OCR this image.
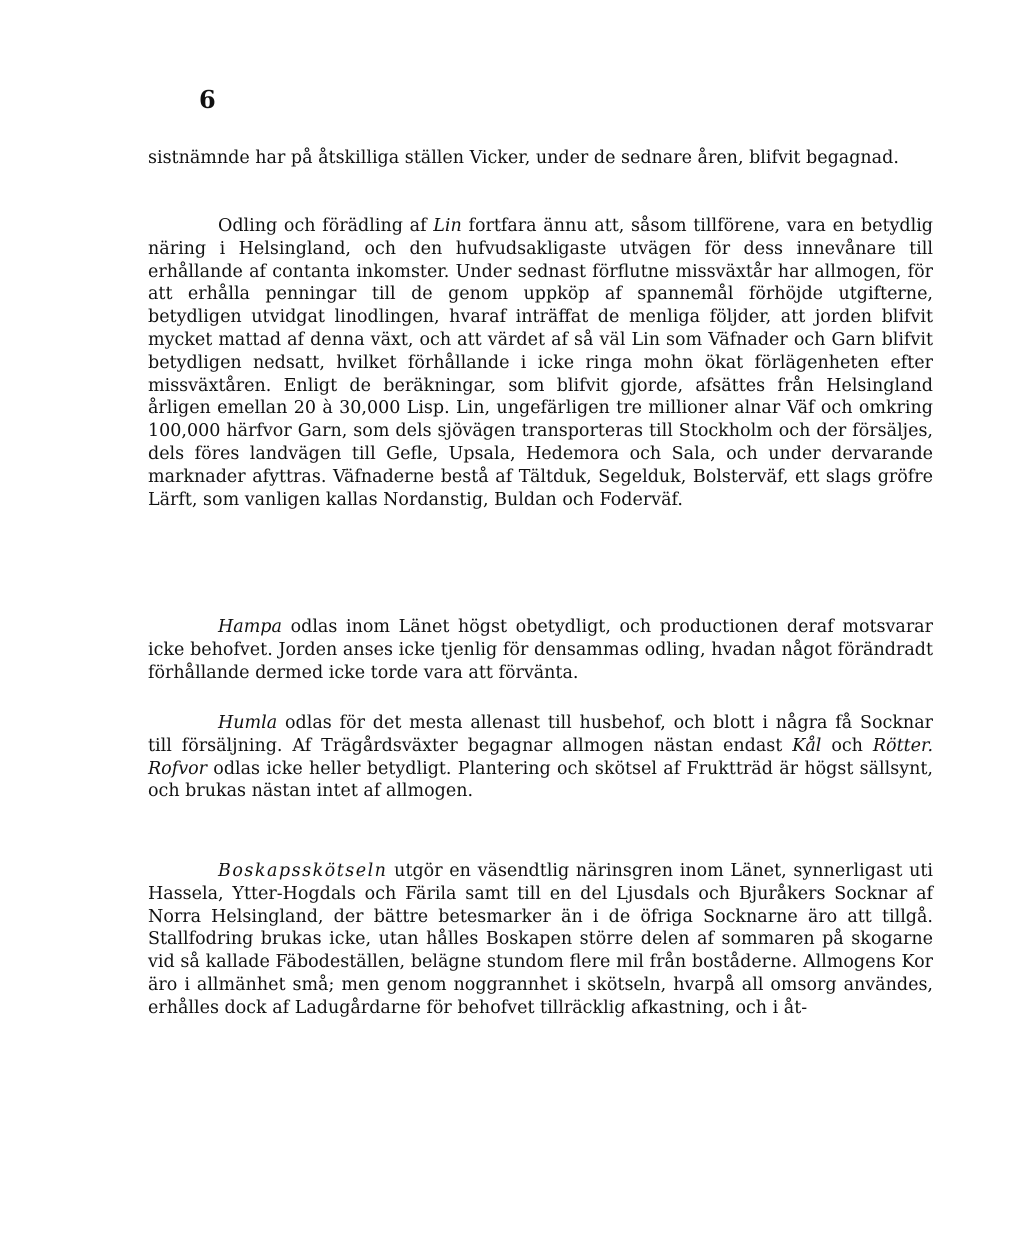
6

sistnämnde har på åtskilliga ställen Vicker, under de sednare åren, blifvit begagnad.

Odling och förädling af Lin fortfara ännu att, såsom tillförene, vara en betydlig näring i Helsingland, och den hufvudsakligaste utvägen för dess innevånare till erhållande af contanta inkomster. Under sednast förflutne missväxtår har allmogen, för att erhålla penningar till de genom uppköp af spannemål förhöjde utgifterne, betydligen utvidgat linodlingen, hvaraf inträffat de menliga följder, att jorden blifvit mycket mattad af denna växt, och att värdet af så väl Lin som Väfnader och Garn blifvit betydligen nedsatt, hvilket förhållande i icke ringa mohn ökat förlägenheten efter missväxtåren. Enligt de beräkningar, som blifvit gjorde, afsättes från Helsingland årligen emellan 20 à 30,000 Lisp. Lin, ungefärligen tre millioner alnar Väf och omkring 100,000 härfvor Garn, som dels sjövägen transporteras till Stockholm och der försäljes, dels föres landvägen till Gefle, Upsala, Hedemora och Sala, och under dervarande marknader afyttras. Väfnaderne bestå af Tältduk, Segelduk, Bolsterväf, ett slags gröfre Lärft, som vanligen kallas Nordanstig, Buldan och Foderväf.

Hampa odlas inom Länet högst obetydligt, och productionen deraf motsvarar icke behofvet. Jorden anses icke tjenlig för densammas odling, hvadan något förändradt förhållande dermed icke torde vara att förvänta.

Humla odlas för det mesta allenast till husbehof, och blott i några få Socknar till försäljning. Af Trägårdsväxter begagnar allmogen nästan endast Kål och Rötter. Rofvor odlas icke heller betydligt. Plantering och skötsel af Fruktträd är högst sällsynt, och brukas nästan intet af allmogen.

Boskapsskötseln utgör en väsendtlig närinsgren inom Länet, synnerligast uti Hassela, Ytter-Hogdals och Färila samt till en del Ljusdals och Bjuråkers Socknar af Norra Helsingland, der bättre betesmarker än i de öfriga Socknarne äro att tillgå. Stallfodring brukas icke, utan hålles Boskapen större delen af sommaren på skogarne vid så kallade Fäbodeställen, belägne stundom flere mil från boståderne. Allmogens Kor äro i allmänhet små; men genom noggrannhet i skötseln, hvarpå all omsorg användes, erhålles dock af Ladugårdarne för behofvet tillräcklig afkastning, och i åt-
